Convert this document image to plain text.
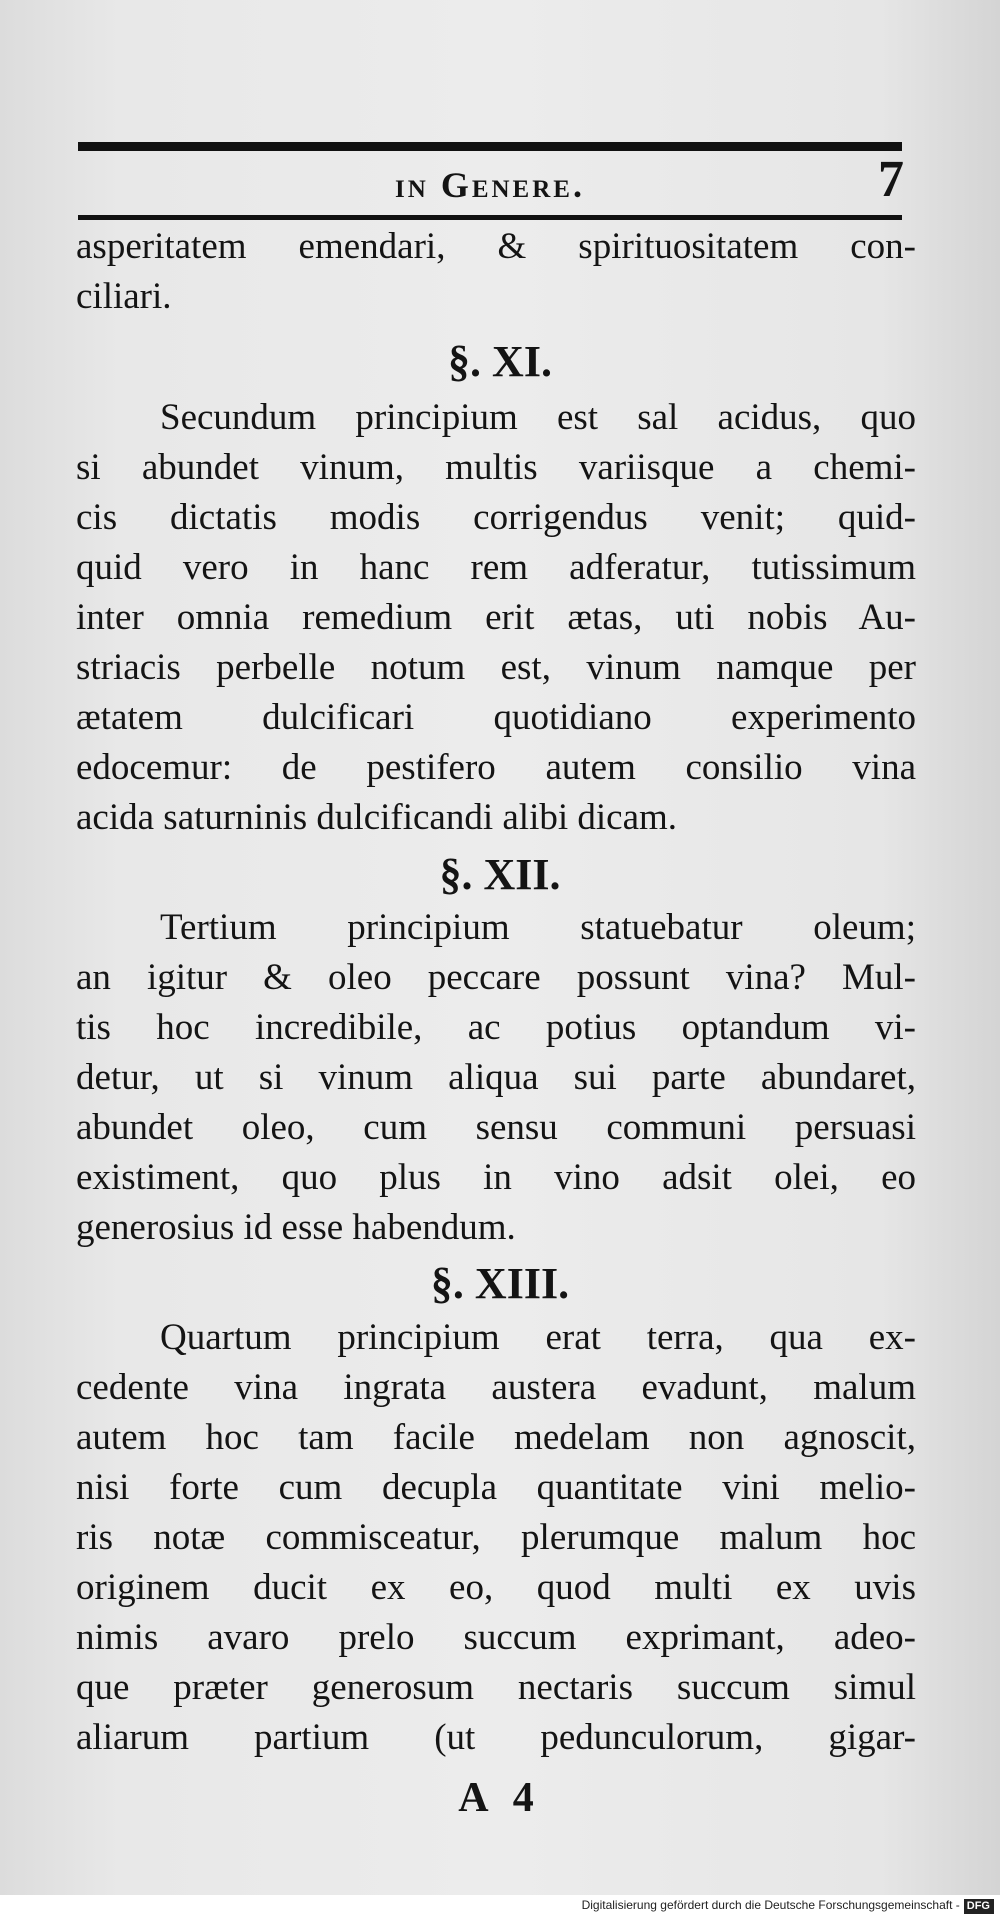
in Genere.	7
asperitatem emendari, & spirituositatem con-
ciliari.
§. XI.
Secundum principium est sal acidus, quo
si abundet vinum, multis variisque a chemi-
cis dictatis modis corrigendus venit; quid-
quid vero in hanc rem adferatur, tutissimum
inter omnia remedium erit ætas, uti nobis Au-
striacis perbelle notum est, vinum namque per
ætatem dulcificari quotidiano experimento
edocemur: de pestifero autem consilio vina
acida saturninis dulcificandi alibi dicam.
§. XII.
Tertium principium statuebatur oleum;
an igitur & oleo peccare possunt vina? Mul-
tis hoc incredibile, ac potius optandum vi-
detur, ut si vinum aliqua sui parte abundaret,
abundet oleo, cum sensu communi persuasi
existiment, quo plus in vino adsit olei, eo
generosius id esse habendum.
§. XIII.
Quartum principium erat terra, qua ex-
cedente vina ingrata austera evadunt, malum
autem hoc tam facile medelam non agnoscit,
nisi forte cum decupla quantitate vini melio-
ris notæ commisceatur, plerumque malum hoc
originem ducit ex eo, quod multi ex uvis
nimis avaro prelo succum exprimant, adeo-
que præter generosum nectaris succum simul
aliarum partium (ut pedunculorum, gigar-
A 4
Digitalisierung gefördert durch die Deutsche Forschungsgemeinschaft - DFG
